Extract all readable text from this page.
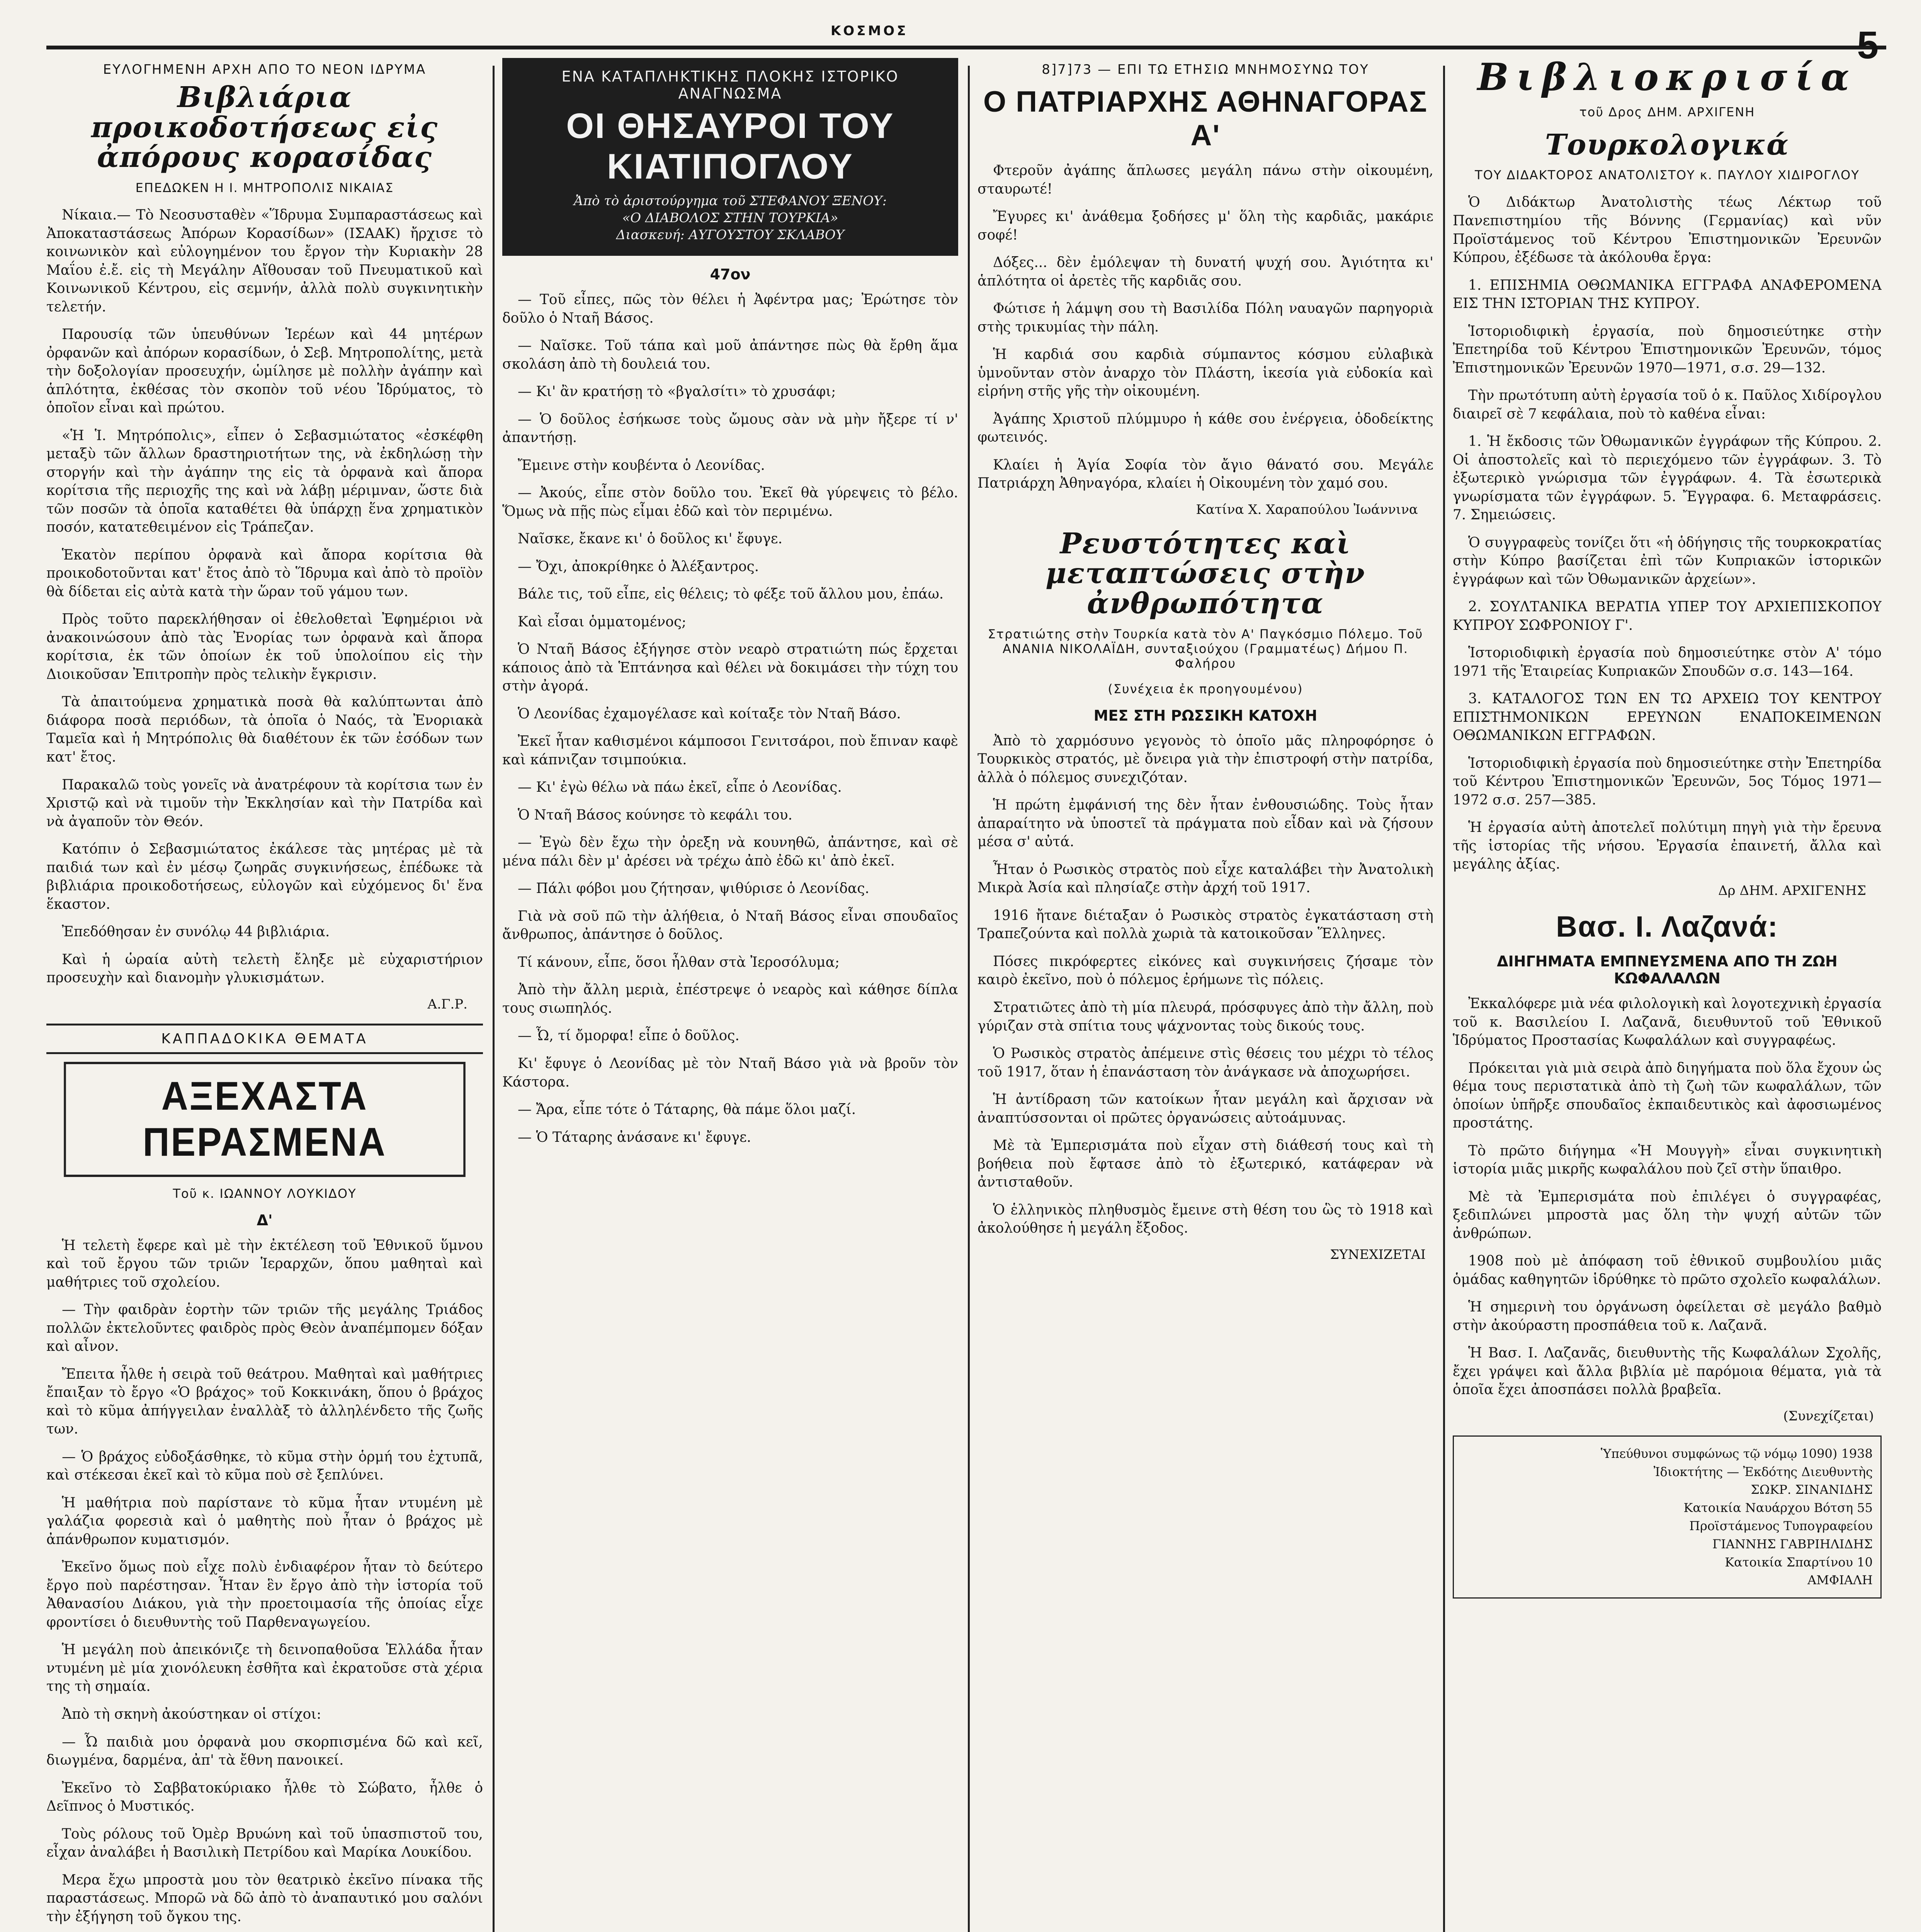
ΚΟΣΜΟΣ	5
ΕΥΛΟΓΗΜΕΝΗ ΑΡΧΗ ΑΠΟ ΤΟ ΝΕΟΝ ΙΔΡΥΜΑ
Βιβλιάρια προικοδοτήσεως εἰς ἀπόρους κορασίδας
ΕΠΕΔΩΚΕΝ Η Ι. ΜΗΤΡΟΠΟΛΙΣ ΝΙΚΑΙΑΣ

Νίκαια.— Τὸ Νεοσυσταθὲν «Ἵδρυμα Συμπαραστάσεως καὶ Ἀποκαταστάσεως Ἀπόρων Κορασίδων» (ΙΣΑΑΚ) ἤρχισε τὸ κοινωνικὸν καὶ εὐλογημένον του ἔργον τὴν Κυριακὴν 28 Μαΐου ἐ.ἔ. εἰς τὴ Μεγάλην Αἴθουσαν τοῦ Πνευματικοῦ καὶ Κοινωνικοῦ Κέντρου, εἰς σεμνήν, ἀλλὰ πολὺ συγκινητικὴν τελετήν.

Παρουσίᾳ τῶν ὑπευθύνων Ἱερέων καὶ 44 μητέρων ὀρφανῶν καὶ ἀπόρων κορασίδων, ὁ Σεβ. Μητροπολίτης, μετὰ τὴν δοξολογίαν προσευχήν, ὡμίλησε μὲ πολλὴν ἀγάπην καὶ ἁπλότητα, ἐκθέσας τὸν σκοπὸν τοῦ νέου Ἱδρύματος, τὸ ὁποῖον εἶναι καὶ πρώτου.

«Ἡ Ἱ. Μητρόπολις», εἶπεν ὁ Σεβασμιώτατος «ἐσκέφθη μεταξὺ τῶν ἄλλων δραστηριοτήτων της, νὰ ἐκδηλώσῃ τὴν στοργήν καὶ τὴν ἀγάπην της εἰς τὰ ὀρφανὰ καὶ ἄπορα κορίτσια τῆς περιοχῆς της καὶ νὰ λάβῃ μέριμναν, ὥστε διὰ τῶν ποσῶν τὰ ὁποῖα καταθέτει θὰ ὑπάρχῃ ἕνα χρηματικὸν ποσόν, κατατεθειμένον εἰς Τράπεζαν.

Ἑκατὸν περίπου ὀρφανὰ καὶ ἄπορα κορίτσια θὰ προικοδοτοῦνται κατ' ἔτος ἀπὸ τὸ Ἵδρυμα καὶ ἀπὸ τὸ προϊὸν θὰ δίδεται εἰς αὐτὰ κατὰ τὴν ὥραν τοῦ γάμου των.

Πρὸς τοῦτο παρεκλήθησαν οἱ ἐθελοθεταὶ Ἐφημέριοι νὰ ἀνακοινώσουν ἀπὸ τὰς Ἐνορίας των ὀρφανὰ καὶ ἄπορα κορίτσια, ἐκ τῶν ὁποίων ἐκ τοῦ ὑπολοίπου εἰς τὴν Διοικοῦσαν Ἐπιτροπὴν πρὸς τελικὴν ἔγκρισιν.

Τὰ ἀπαιτούμενα χρηματικὰ ποσὰ θὰ καλύπτωνται ἀπὸ διάφορα ποσὰ περιόδων, τὰ ὁποῖα ὁ Ναός, τὰ Ἐνοριακὰ Ταμεῖα καὶ ἡ Μητρόπολις θὰ διαθέτουν ἐκ τῶν ἐσόδων των κατ' ἔτος.

Παρακαλῶ τοὺς γονεῖς νὰ ἀνατρέφουν τὰ κορίτσια των ἐν Χριστῷ καὶ νὰ τιμοῦν τὴν Ἐκκλησίαν καὶ τὴν Πατρίδα καὶ νὰ ἀγαποῦν τὸν Θεόν.

Κατόπιν ὁ Σεβασμιώτατος ἐκάλεσε τὰς μητέρας μὲ τὰ παιδιά των καὶ ἐν μέσῳ ζωηρᾶς συγκινήσεως, ἐπέδωκε τὰ βιβλιάρια προικοδοτήσεως, εὐλογῶν καὶ εὐχόμενος δι' ἕνα ἕκαστον.

Ἐπεδόθησαν ἐν συνόλῳ 44 βιβλιάρια.

Καὶ ἡ ὡραία αὐτὴ τελετὴ ἔληξε μὲ εὐχαριστήριον προσευχὴν καὶ διανομὴν γλυκισμάτων.

Α.Γ.Ρ.
ΚΑΠΠΑΔΟΚΙΚΑ ΘΕΜΑΤΑ
ΑΞΕΧΑΣΤΑ ΠΕΡΑΣΜΕΝΑ
Τοῦ κ. ΙΩΑΝΝΟΥ ΛΟΥΚΙΔΟΥ
Δ'

Ἡ τελετὴ ἔφερε καὶ μὲ τὴν ἐκτέλεση τοῦ Ἐθνικοῦ ὕμνου καὶ τοῦ ἔργου τῶν τριῶν Ἱεραρχῶν, ὅπου μαθηταὶ καὶ μαθήτριες τοῦ σχολείου.

— Τὴν φαιδρὰν ἑορτὴν τῶν τριῶν τῆς μεγάλης Τριάδος πολλῶν ἐκτελοῦντες φαιδρὸς πρὸς Θεὸν ἀναπέμπομεν δόξαν καὶ αἶνον.

Ἔπειτα ἦλθε ἡ σειρὰ τοῦ θεάτρου. Μαθηταὶ καὶ μαθήτριες ἔπαιξαν τὸ ἔργο «Ὁ βράχος» τοῦ Κοκκινάκη, ὅπου ὁ βράχος καὶ τὸ κῦμα ἀπήγγειλαν ἐναλλὰξ τὸ ἀλληλένδετο τῆς ζωῆς των.

— Ὁ βράχος εὐδοξάσθηκε, τὸ κῦμα στὴν ὁρμή του ἐχτυπᾶ, καὶ στέκεσαι ἐκεῖ καὶ τὸ κῦμα ποὺ σὲ ξεπλύνει.

Ἡ μαθήτρια ποὺ παρίστανε τὸ κῦμα ἦταν ντυμένη μὲ γαλάζια φορεσιὰ καὶ ὁ μαθητὴς ποὺ ἦταν ὁ βράχος μὲ ἀπάνθρωπον κυματισμόν.

Ἐκεῖνο ὅμως ποὺ εἶχε πολὺ ἐνδιαφέρον ἦταν τὸ δεύτερο ἔργο ποὺ παρέστησαν. Ἦταν ἓν ἔργο ἀπὸ τὴν ἱστορία τοῦ Ἀθανασίου Διάκου, γιὰ τὴν προετοιμασία τῆς ὁποίας εἶχε φροντίσει ὁ διευθυντὴς τοῦ Παρθεναγωγείου.

Ἡ μεγάλη ποὺ ἀπεικόνιζε τὴ δεινοπαθοῦσα Ἑλλάδα ἦταν ντυμένη μὲ μία χιονόλευκη ἐσθῆτα καὶ ἐκρατοῦσε στὰ χέρια της τὴ σημαία.

Ἀπὸ τὴ σκηνὴ ἀκούστηκαν οἱ στίχοι:

— Ὦ παιδιὰ μου ὀρφανὰ μου σκορπισμένα δῶ καὶ κεῖ, διωγμένα, δαρμένα, ἀπ' τὰ ἔθνη πανοικεί.

Ἐκεῖνο τὸ Σαββατοκύριακο ἦλθε τὸ Σώβατο, ἦλθε ὁ Δεῖπνος ὁ Μυστικός.

Τοὺς ρόλους τοῦ Ὀμὲρ Βρυώνη καὶ τοῦ ὑπασπιστοῦ του, εἶχαν ἀναλάβει ἡ Βασιλικὴ Πετρίδου καὶ Μαρίκα Λουκίδου.

Μερα ἔχω μπροστὰ μου τὸν θεατρικὸ ἐκεῖνο πίνακα τῆς παραστάσεως. Μπορῶ νὰ δῶ ἀπὸ τὸ ἀναπαυτικό μου σαλόνι τὴν ἐξήγηση τοῦ ὄγκου της.

ΕΝΑ ΚΑΤΑΠΛΗΚΤΙΚΗΣ ΠΛΟΚΗΣ ΙΣΤΟΡΙΚΟ ΑΝΑΓΝΩΣΜΑ
ΟΙ ΘΗΣΑΥΡΟΙ ΤΟΥ ΚΙΑΤΙΠΟΓΛΟΥ
Ἀπὸ τὸ ἀριστούργημα τοῦ ΣΤΕΦΑΝΟΥ ΞΕΝΟΥ:
«Ο ΔΙΑΒΟΛΟΣ ΣΤΗΝ ΤΟΥΡΚΙΑ»
Διασκευή: ΑΥΓΟΥΣΤΟΥ ΣΚΛΑΒΟΥ
47ον

— Τοῦ εἶπες, πῶς τὸν θέλει ἡ Ἀφέντρα μας; Ἐρώτησε τὸν δοῦλο ὁ Νταῆ Βάσος.

— Ναῖσκε. Τοῦ τάπα καὶ μοῦ ἀπάντησε πὼς θὰ ἔρθη ἅμα σκολάση ἀπὸ τὴ δουλειά του.

— Κι' ἂν κρατήσῃ τὸ «βγαλσίτι» τὸ χρυσάφι;

— Ὁ δοῦλος ἐσήκωσε τοὺς ὤμους σὰν νὰ μὴν ἤξερε τί ν' ἀπαντήσῃ.

Ἔμεινε στὴν κουβέντα ὁ Λεονίδας.

— Ἀκούς, εἶπε στὸν δοῦλο του. Ἐκεῖ θὰ γύρεψεις τὸ βέλο. Ὅμως νὰ πῇς πὼς εἶμαι ἐδῶ καὶ τὸν περιμένω.

Ναῖσκε, ἔκανε κι' ὁ δοῦλος κι' ἔφυγε.

— Ὄχι, ἀποκρίθηκε ὁ Ἀλέξαντρος.

Βάλε τις, τοῦ εἶπε, εἰς θέλεις; τὸ φέξε τοῦ ἄλλου μου, ἐπάω.

Καὶ εἶσαι ὁμματομένος;

Ὁ Νταῆ Βάσος ἐξήγησε στὸν νεαρὸ στρατιώτη πώς ἔρχεται κάποιος ἀπὸ τὰ Ἑπτάνησα καὶ θέλει νὰ δοκιμάσει τὴν τύχη του στὴν ἀγορά.

Ὁ Λεονίδας ἐχαμογέλασε καὶ κοίταξε τὸν Νταῆ Βάσο.

Ἐκεῖ ἦταν καθισμένοι κάμποσοι Γενιτσάροι, ποὺ ἔπιναν καφὲ καὶ κάπνιζαν τσιμπούκια.

— Κι' ἐγὼ θέλω νὰ πάω ἐκεῖ, εἶπε ὁ Λεονίδας.

Ὁ Νταῆ Βάσος κούνησε τὸ κεφάλι του.

— Ἐγὼ δὲν ἔχω τὴν ὀρεξη νὰ κουνηθῶ, ἀπάντησε, καὶ σὲ μένα πάλι δὲν μ' ἀρέσει νὰ τρέχω ἀπὸ ἐδῶ κι' ἀπὸ ἐκεῖ.

— Πάλι φόβοι μου ζήτησαν, ψιθύρισε ὁ Λεονίδας.

Γιὰ νὰ σοῦ πῶ τὴν ἀλήθεια, ὁ Νταῆ Βάσος εἶναι σπουδαῖος ἄνθρωπος, ἀπάντησε ὁ δοῦλος.

Τί κάνουν, εἶπε, ὅσοι ἦλθαν στὰ Ἰεροσόλυμα;

Ἀπὸ τὴν ἄλλη μεριὰ, ἐπέστρεψε ὁ νεαρὸς καὶ κάθησε δίπλα τους σιωπηλός.

— Ὦ, τί ὄμορφα! εἶπε ὁ δοῦλος.

Κι' ἔφυγε ὁ Λεονίδας μὲ τὸν Νταῆ Βάσο γιὰ νὰ βροῦν τὸν Κάστορα.

— Ἄρα, εἶπε τότε ὁ Τάταρης, θὰ πάμε ὅλοι μαζί.

— Ὁ Τάταρης ἀνάσανε κι' ἔφυγε.

8]7]73 — ΕΠΙ ΤΩ ΕΤΗΣΙΩ ΜΝΗΜΟΣΥΝΩ ΤΟΥ
Ο ΠΑΤΡΙΑΡΧΗΣ ΑΘΗΝΑΓΟΡΑΣ Α'

Φτεροῦν ἀγάπης ἅπλωσες μεγάλη πάνω στὴν οἰκουμένη, σταυρωτέ!

Ἔγυρες κι' ἀνάθεμα ξοδήσες μ' ὅλη τὴς καρδιᾶς, μακάριε σοφέ!

Δόξες... δὲν ἐμόλεψαν τὴ δυνατή ψυχή σου. Ἀγιότητα κι' ἁπλότητα οἱ ἀρετὲς τῆς καρδιᾶς σου.

Φώτισε ἡ λάμψη σου τὴ Βασιλίδα Πόλη ναυαγῶν παρηγοριὰ στὴς τρικυμίας τὴν πάλη.

Ἡ καρδιά σου καρδιὰ σύμπαντος κόσμου εὐλαβικὰ ὑμνοῦνταν στὸν ἀναρχο τὸν Πλάστη, ἱκεσία γιὰ εὐδοκία καὶ εἰρήνη στῆς γῆς τὴν οἰκουμένη.

Ἀγάπης Χριστοῦ πλύμμυρο ἡ κάθε σου ἐνέργεια, ὁδοδείκτης φωτεινός.

Κλαίει ἡ Ἁγία Σοφία τὸν ἄγιο θάνατό σου. Μεγάλε Πατριάρχη Ἀθηναγόρα, κλαίει ἡ Οἰκουμένη τὸν χαμό σου.

Κατίνα Χ. Χαραπούλου Ἰωάννινα
Ρευστότητες καὶ μεταπτώσεις στὴν ἀνθρωπότητα
Στρατιώτης στὴν Τουρκία κατὰ τὸν Α' Παγκόσμιο Πόλεμο. Τοῦ ΑΝΑΝΙΑ ΝΙΚΟΛΑΪΔΗ, συνταξιούχου (Γραμματέως) Δήμου Π. Φαλήρου
(Συνέχεια ἐκ προηγουμένου)
ΜΕΣ ΣΤΗ ΡΩΣΣΙΚΗ ΚΑΤΟΧΗ

Ἀπὸ τὸ χαρμόσυνο γεγονὸς τὸ ὁποῖο μᾶς πληροφόρησε ὁ Τουρκικὸς στρατός, μὲ ὄνειρα γιὰ τὴν ἐπιστροφή στὴν πατρίδα, ἀλλὰ ὁ πόλεμος συνεχιζόταν.

Ἡ πρώτη ἐμφάνισή της δὲν ἦταν ἐνθουσιώδης. Τοὺς ἦταν ἀπαραίτητο νὰ ὑποστεῖ τὰ πράγματα ποὺ εἶδαν καὶ νὰ ζήσουν μέσα σ' αὐτά.

Ἦταν ὁ Ρωσικὸς στρατὸς ποὺ εἶχε καταλάβει τὴν Ἀνατολικὴ Μικρὰ Ἀσία καὶ πλησίαζε στὴν ἀρχή τοῦ 1917.

1916 ἤτανε διέταξαν ὁ Ρωσικὸς στρατὸς ἐγκατάσταση στὴ Τραπεζούντα καὶ πολλὰ χωριὰ τὰ κατοικοῦσαν Ἕλληνες.

Πόσες πικρόφερτες εἰκόνες καὶ συγκινήσεις ζήσαμε τὸν καιρὸ ἐκεῖνο, ποὺ ὁ πόλεμος ἐρήμωνε τὶς πόλεις.

Στρατιῶτες ἀπὸ τὴ μία πλευρά, πρόσφυγες ἀπὸ τὴν ἄλλη, ποὺ γύριζαν στὰ σπίτια τους ψάχνοντας τοὺς δικούς τους.

Ὁ Ρωσικὸς στρατὸς ἀπέμεινε στὶς θέσεις του μέχρι τὸ τέλος τοῦ 1917, ὅταν ἡ ἐπανάσταση τὸν ἀνάγκασε νὰ ἀποχωρήσει.

Ἡ ἀντίδραση τῶν κατοίκων ἦταν μεγάλη καὶ ἄρχισαν νὰ ἀναπτύσσονται οἱ πρῶτες ὀργανώσεις αὐτοάμυνας.

Μὲ τὰ Ἐμπερισμάτα ποὺ εἶχαν στὴ διάθεσή τους καὶ τὴ βοήθεια ποὺ ἔφτασε ἀπὸ τὸ ἐξωτερικό, κατάφεραν νὰ ἀντισταθοῦν.

Ὁ ἑλληνικὸς πληθυσμὸς ἔμεινε στὴ θέση του ὣς τὸ 1918 καὶ ἀκολούθησε ἡ μεγάλη ἔξοδος.

ΣΥΝΕΧΙΖΕΤΑΙ
Βιβλιοκρισία
τοῦ Δρος ΔΗΜ. ΑΡΧΙΓΕΝΗ
Τουρκολογικά
ΤΟΥ ΔΙΔΑΚΤΟΡΟΣ ΑΝΑΤΟΛΙΣΤΟΥ κ. ΠΑΥΛΟΥ ΧΙΔΙΡΟΓΛΟΥ

Ὁ Διδάκτωρ Ἀνατολιστὴς τέως Λέκτωρ τοῦ Πανεπιστημίου τῆς Βόννης (Γερμανίας) καὶ νῦν Προϊστάμενος τοῦ Κέντρου Ἐπιστημονικῶν Ἐρευνῶν Κύπρου, ἐξέδωσε τὰ ἀκόλουθα ἔργα:

1. ΕΠΙΣΗΜΙΑ ΟΘΩΜΑΝΙΚΑ ΕΓΓΡΑΦΑ ΑΝΑΦΕΡΟΜΕΝΑ ΕΙΣ ΤΗΝ ΙΣΤΟΡΙΑΝ ΤΗΣ ΚΥΠΡΟΥ.

Ἱστοριοδιφικὴ ἐργασία, ποὺ δημοσιεύτηκε στὴν Ἐπετηρίδα τοῦ Κέντρου Ἐπιστημονικῶν Ἐρευνῶν, τόμος Ἐπιστημονικῶν Ἐρευνῶν 1970—1971, σ.σ. 29—132.

Τὴν πρωτότυπη αὐτὴ ἐργασία τοῦ ὁ κ. Παῦλος Χιδίρογλου διαιρεῖ σὲ 7 κεφάλαια, ποὺ τὸ καθένα εἶναι:

1. Ἡ ἔκδοσις τῶν Ὀθωμανικῶν ἐγγράφων τῆς Κύπρου. 2. Οἱ ἀποστολεῖς καὶ τὸ περιεχόμενο τῶν ἐγγράφων. 3. Τὸ ἐξωτερικὸ γνώρισμα τῶν ἐγγράφων. 4. Τὰ ἐσωτερικὰ γνωρίσματα τῶν ἐγγράφων. 5. Ἔγγραφα. 6. Μεταφράσεις. 7. Σημειώσεις.

Ὁ συγγραφεὺς τονίζει ὅτι «ἡ ὁδήγησις τῆς τουρκοκρατίας στὴν Κύπρο βασίζεται ἐπὶ τῶν Κυπριακῶν ἱστορικῶν ἐγγράφων καὶ τῶν Ὀθωμανικῶν ἀρχείων».

2. ΣΟΥΛΤΑΝΙΚΑ ΒΕΡΑΤΙΑ ΥΠΕΡ ΤΟΥ ΑΡΧΙΕΠΙΣΚΟΠΟΥ ΚΥΠΡΟΥ ΣΩΦΡΟΝΙΟΥ Γ'.

Ἱστοριοδιφικὴ ἐργασία ποὺ δημοσιεύτηκε στὸν Α' τόμο 1971 τῆς Ἑταιρείας Κυπριακῶν Σπουδῶν σ.σ. 143—164.

3. ΚΑΤΑΛΟΓΟΣ ΤΩΝ ΕΝ ΤΩ ΑΡΧΕΙΩ ΤΟΥ ΚΕΝΤΡΟΥ ΕΠΙΣΤΗΜΟΝΙΚΩΝ ΕΡΕΥΝΩΝ ΕΝΑΠΟΚΕΙΜΕΝΩΝ ΟΘΩΜΑΝΙΚΩΝ ΕΓΓΡΑΦΩΝ.

Ἱστοριοδιφικὴ ἐργασία ποὺ δημοσιεύτηκε στὴν Ἐπετηρίδα τοῦ Κέντρου Ἐπιστημονικῶν Ἐρευνῶν, 5ος Τόμος 1971—1972 σ.σ. 257—385.

Ἡ ἐργασία αὐτὴ ἀποτελεῖ πολύτιμη πηγὴ γιὰ τὴν ἔρευνα τῆς ἱστορίας τῆς νήσου. Ἐργασία ἐπαινετή, ἄλλα καὶ μεγάλης ἀξίας.

Δρ ΔΗΜ. ΑΡΧΙΓΕΝΗΣ
Βασ. Ι. Λαζανά:
ΔΙΗΓΗΜΑΤΑ ΕΜΠΝΕΥΣΜΕΝΑ ΑΠΟ ΤΗ ΖΩΗ ΚΩΦΑΛΑΛΩΝ

Ἐκκαλόφερε μιὰ νέα φιλολογικὴ καὶ λογοτεχνικὴ ἐργασία τοῦ κ. Βασιλείου Ι. Λαζανᾶ, διευθυντοῦ τοῦ Ἐθνικοῦ Ἱδρύματος Προστασίας Κωφαλάλων καὶ συγγραφέως.

Πρόκειται γιὰ μιὰ σειρὰ ἀπὸ διηγήματα ποὺ ὅλα ἔχουν ὡς θέμα τους περιστατικὰ ἀπὸ τὴ ζωὴ τῶν κωφαλάλων, τῶν ὁποίων ὑπῆρξε σπουδαῖος ἐκπαιδευτικὸς καὶ ἀφοσιωμένος προστάτης.

Τὸ πρῶτο διήγημα «Ἡ Μουγγὴ» εἶναι συγκινητικὴ ἱστορία μιᾶς μικρῆς κωφαλάλου ποὺ ζεῖ στὴν ὕπαιθρο.

Μὲ τὰ Ἐμπερισμάτα ποὺ ἐπιλέγει ὁ συγγραφέας, ξεδιπλώνει μπροστὰ μας ὅλη τὴν ψυχή αὐτῶν τῶν ἀνθρώπων.

1908 ποὺ μὲ ἀπόφαση τοῦ ἐθνικοῦ συμβουλίου μιᾶς ὁμάδας καθηγητῶν ἱδρύθηκε τὸ πρῶτο σχολεῖο κωφαλάλων.

Ἡ σημερινὴ του ὀργάνωση ὀφείλεται σὲ μεγάλο βαθμὸ στὴν ἀκούραστη προσπάθεια τοῦ κ. Λαζανᾶ.

Ἡ Βασ. Ι. Λαζανᾶς, διευθυντὴς τῆς Κωφαλάλων Σχολῆς, ἔχει γράψει καὶ ἄλλα βιβλία μὲ παρόμοια θέματα, γιὰ τὰ ὁποῖα ἔχει ἀποσπάσει πολλὰ βραβεῖα.

(Συνεχίζεται)
Ὑπεύθυνοι συμφώνως τῷ νόμῳ 1090) 1938
Ἰδιοκτήτης — Ἐκδότης Διευθυντὴς
ΣΩΚΡ. ΣΙΝΑΝΙΔΗΣ
Κατοικία Ναυάρχου Βότση 55
Προϊστάμενος Τυπογραφείου
ΓΙΑΝΝΗΣ ΓΑΒΡΙΗΛΙΔΗΣ
Κατοικία Σπαρτίνου 10
ΑΜΦΙΑΛΗ
